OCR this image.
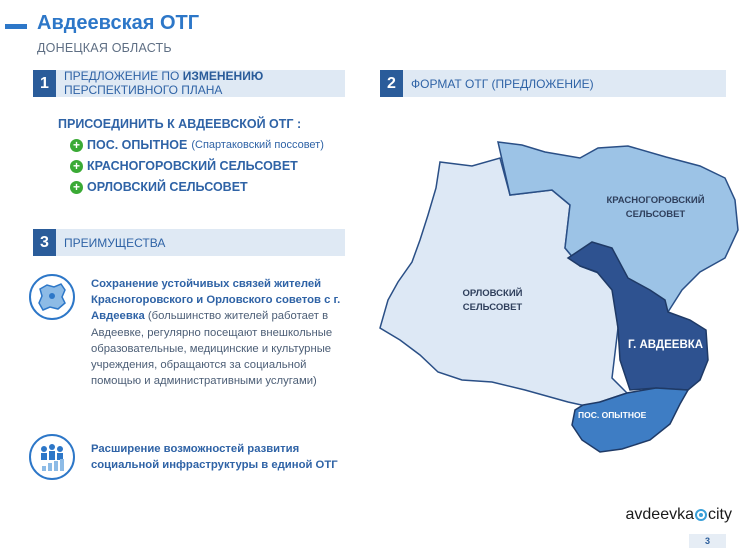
Авдеевская ОТГ
ДОНЕЦКАЯ ОБЛАСТЬ
1	ПРЕДЛОЖЕНИЕ ПО ИЗМЕНЕНИЮ
ПЕРСПЕКТИВНОГО ПЛАНА
ПРИСОЕДИНИТЬ К АВДЕЕВСКОЙ ОТГ :
+ ПОС. ОПЫТНОЕ (Спартаковский поссовет)
+ КРАСНОГОРОВСКИЙ СЕЛЬСОВЕТ
+ ОРЛОВСКИЙ СЕЛЬСОВЕТ
2	ФОРМАТ ОТГ (ПРЕДЛОЖЕНИЕ)
3	ПРЕИМУЩЕСТВА
Сохранение устойчивых связей жителей Красногоровского и Орловского советов с г. Авдеевка (большинство жителей работает в Авдеевке, регулярно посещают внешкольные образовательные, медицинские и культурные учреждения, обращаются за социальной помощью и административными услугами)
Расширение возможностей развития социальной инфраструктуры в единой ОТГ
КРАСНОГОРОВСКИЙ
СЕЛЬСОВЕТ
ОРЛОВСКИЙ
СЕЛЬСОВЕТ
Г. АВДЕЕВКА
ПОС. ОПЫТНОЕ
avdeevka city
3
